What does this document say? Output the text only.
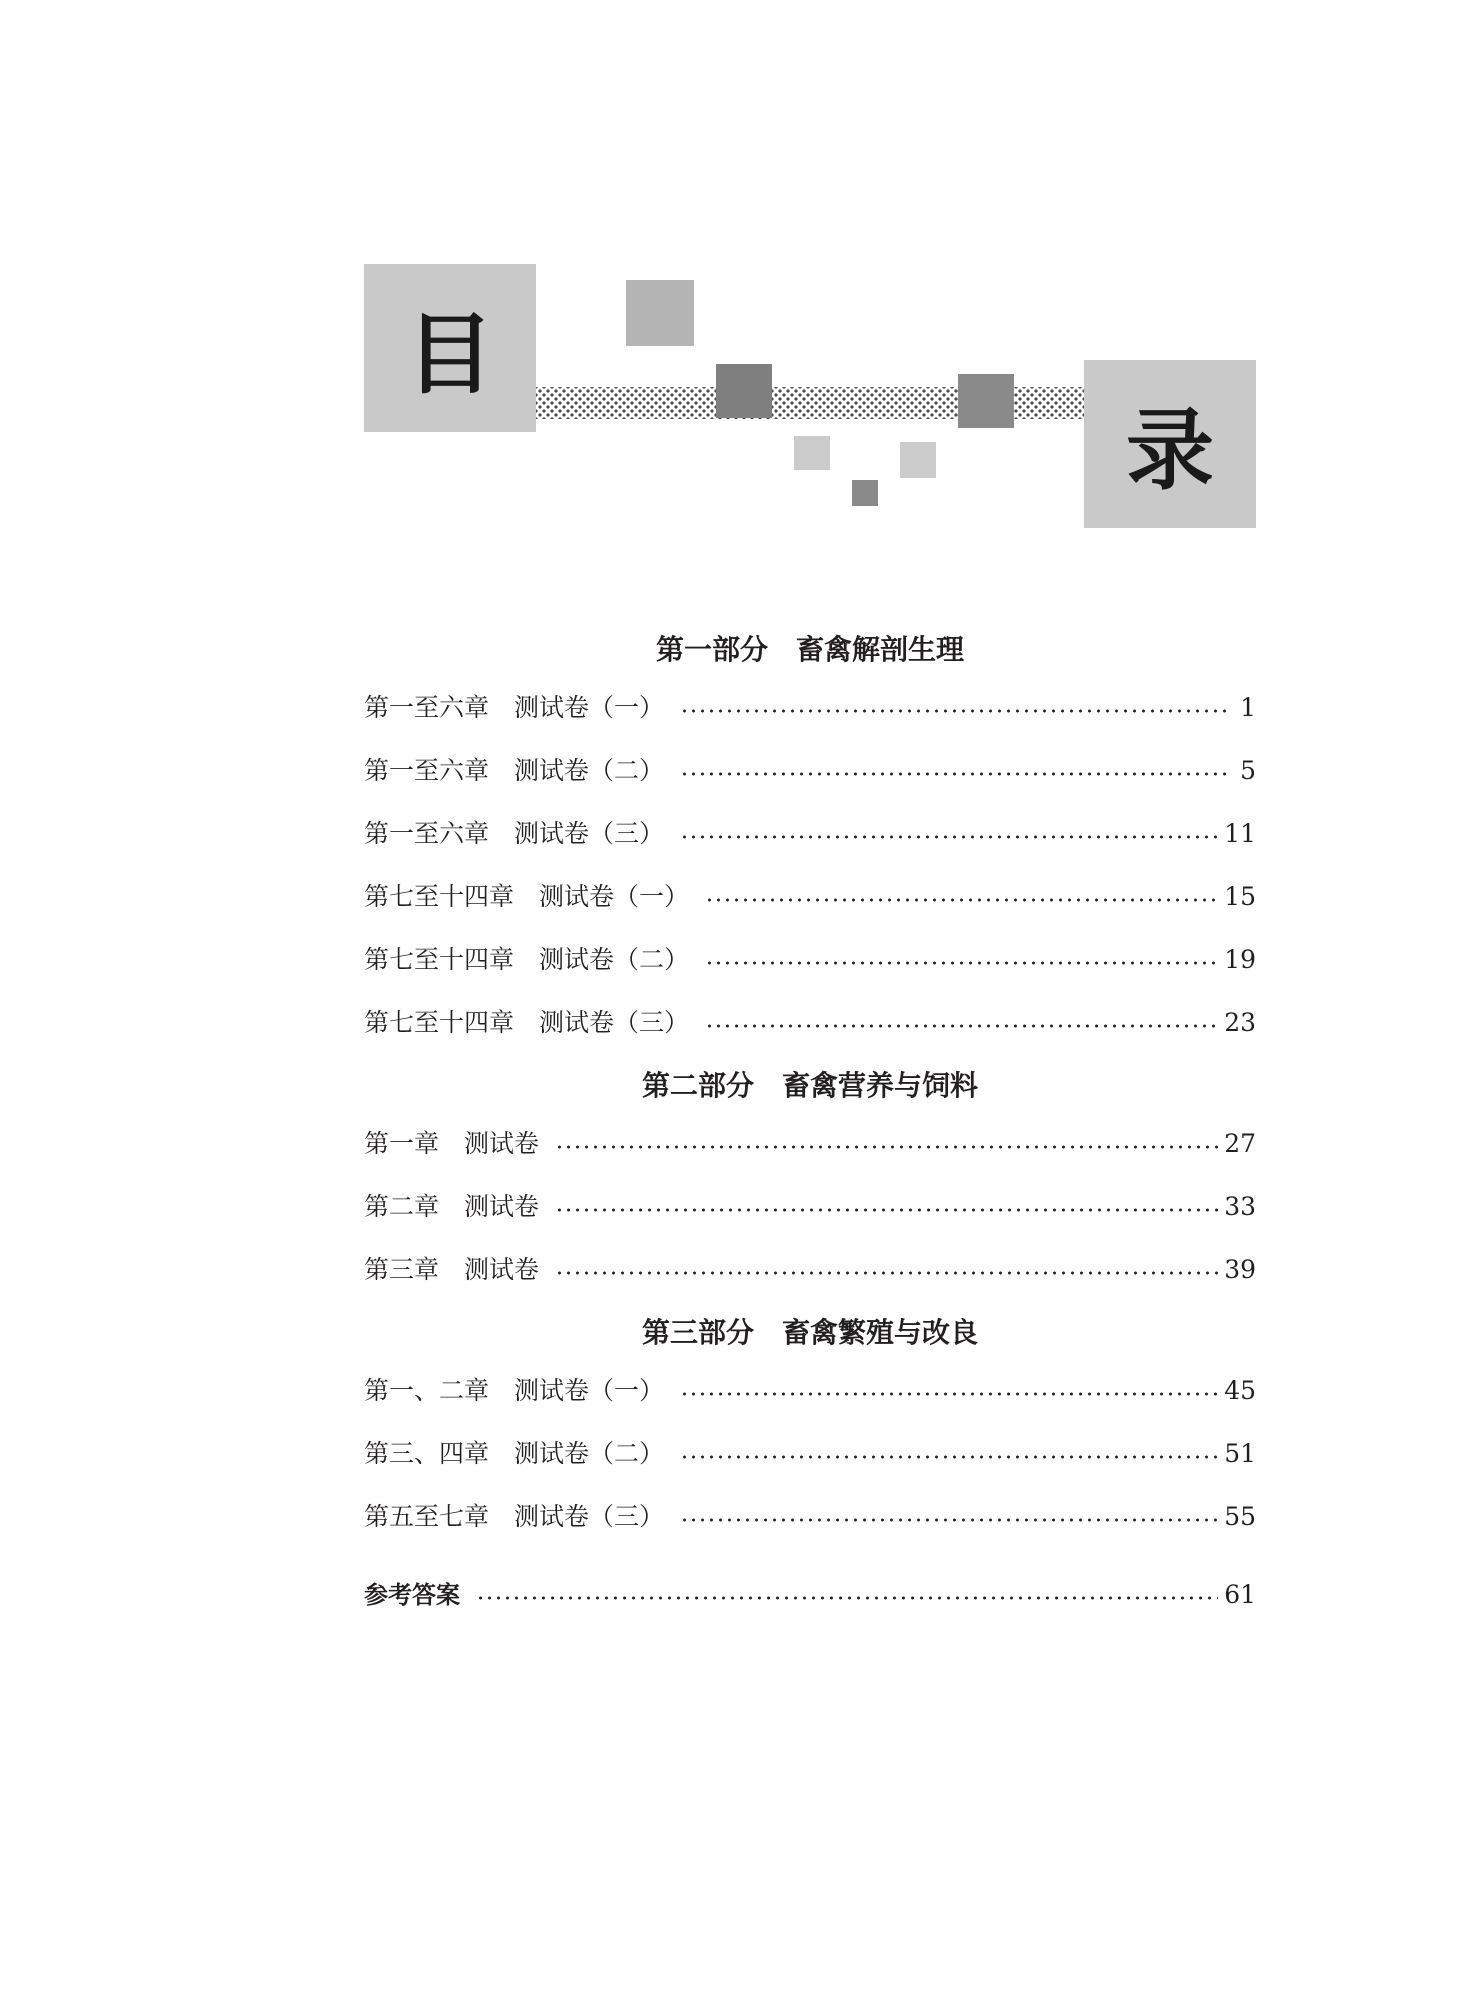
目
录
第一部分　畜禽解剖生理
第一至六章　测试卷（一）	1
第一至六章　测试卷（二）	5
第一至六章　测试卷（三）	11
第七至十四章　测试卷（一）	15
第七至十四章　测试卷（二）	19
第七至十四章　测试卷（三）	23
第二部分　畜禽营养与饲料
第一章　测试卷	27
第二章　测试卷	33
第三章　测试卷	39
第三部分　畜禽繁殖与改良
第一、二章　测试卷（一）	45
第三、四章　测试卷（二）	51
第五至七章　测试卷（三）	55
参考答案	61
